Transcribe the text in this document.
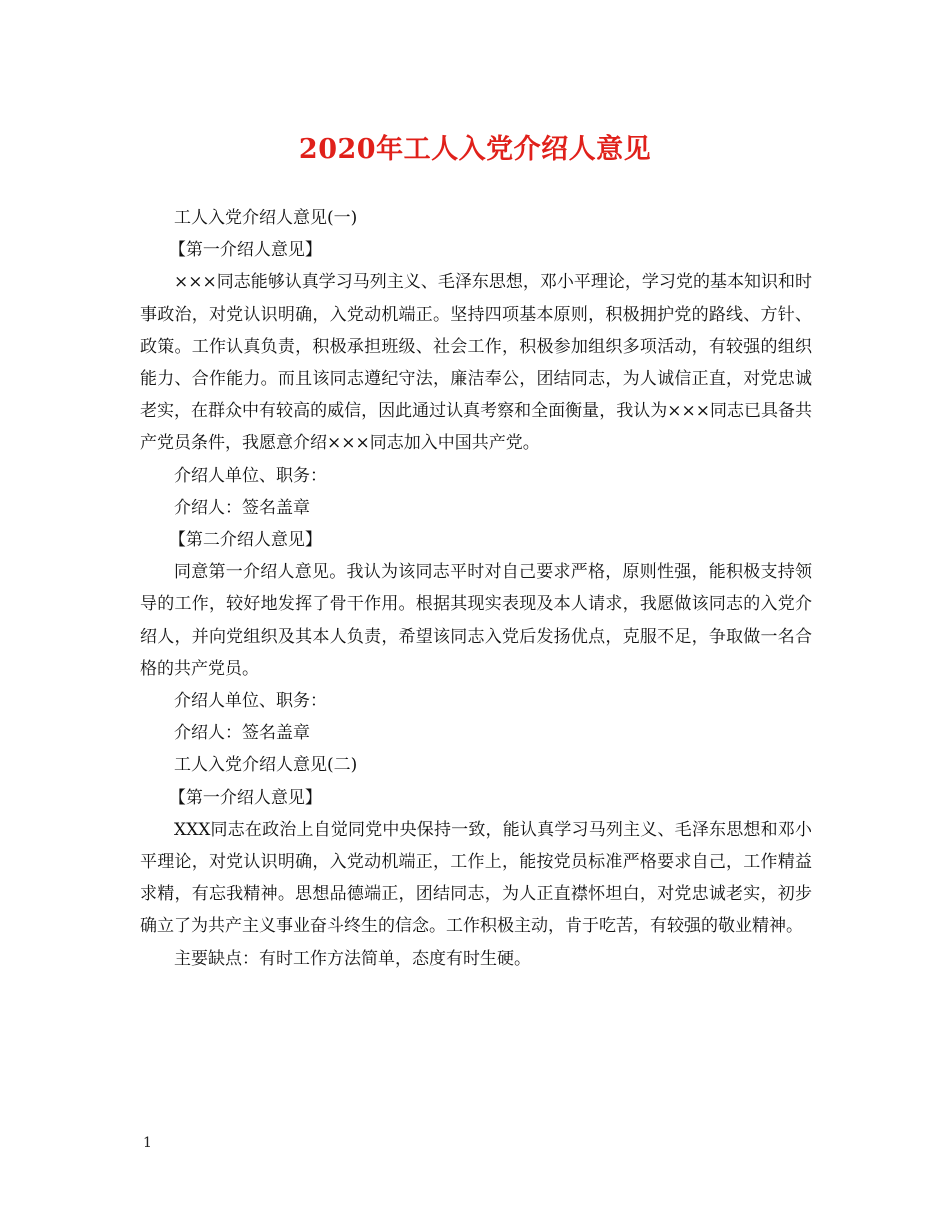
2020年工人入党介绍人意见

工人入党介绍人意见(一)

【第一介绍人意见】

×××同志能够认真学习马列主义、毛泽东思想，邓小平理论，学习党的基本知识和时事政治，对党认识明确，入党动机端正。坚持四项基本原则，积极拥护党的路线、方针、政策。工作认真负责，积极承担班级、社会工作，积极参加组织多项活动，有较强的组织能力、合作能力。而且该同志遵纪守法，廉洁奉公，团结同志，为人诚信正直，对党忠诚老实，在群众中有较高的威信，因此通过认真考察和全面衡量，我认为×××同志已具备共产党员条件，我愿意介绍×××同志加入中国共产党。

介绍人单位、职务：

介绍人：签名盖章

【第二介绍人意见】

同意第一介绍人意见。我认为该同志平时对自己要求严格，原则性强，能积极支持领导的工作，较好地发挥了骨干作用。根据其现实表现及本人请求，我愿做该同志的入党介绍人，并向党组织及其本人负责，希望该同志入党后发扬优点，克服不足，争取做一名合格的共产党员。

介绍人单位、职务：

介绍人：签名盖章

工人入党介绍人意见(二)

【第一介绍人意见】

XXX同志在政治上自觉同党中央保持一致，能认真学习马列主义、毛泽东思想和邓小平理论，对党认识明确，入党动机端正，工作上，能按党员标准严格要求自己，工作精益求精，有忘我精神。思想品德端正，团结同志，为人正直襟怀坦白，对党忠诚老实，初步确立了为共产主义事业奋斗终生的信念。工作积极主动，肯于吃苦，有较强的敬业精神。

主要缺点：有时工作方法简单，态度有时生硬。

1
